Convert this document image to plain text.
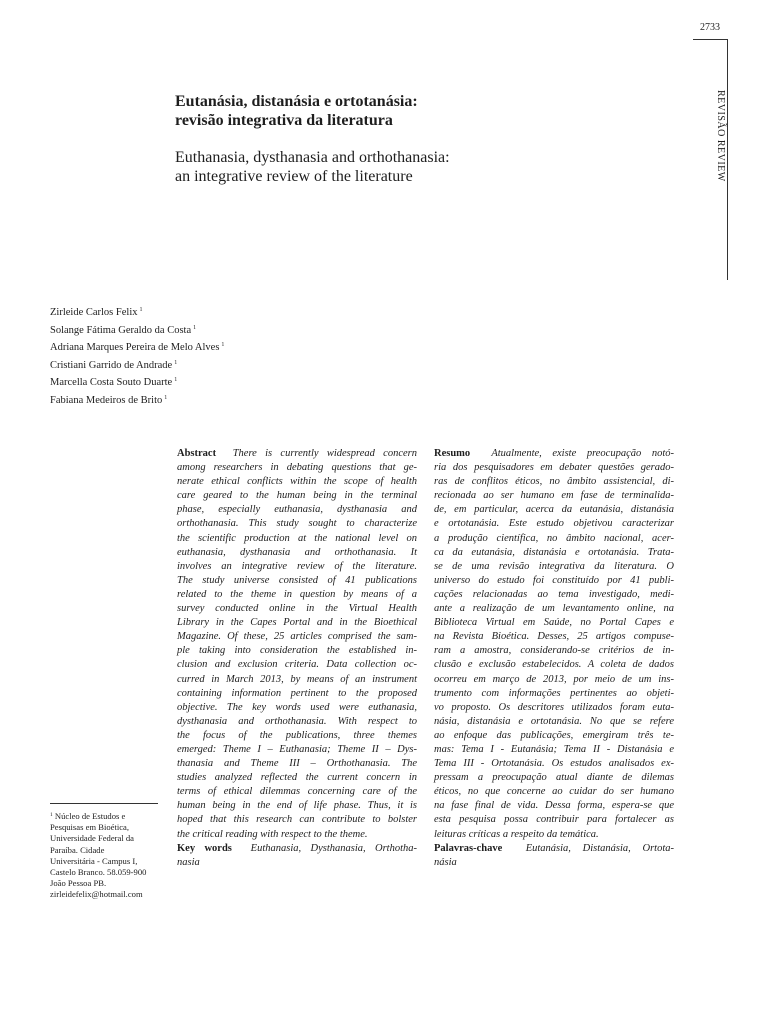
2733
REVISÃO REVIEW
Eutanásia, distanásia e ortotanásia:
revisão integrativa da literatura
Euthanasia, dysthanasia and orthothanasia:
an integrative review of the literature
Zirleide Carlos Felix $^1$
Solange Fátima Geraldo da Costa $^1$
Adriana Marques Pereira de Melo Alves $^1$
Cristiani Garrido de Andrade $^1$
Marcella Costa Souto Duarte $^1$
Fabiana Medeiros de Brito $^1$
$^1$ Núcleo de Estudos e
Pesquisas em Bioética,
Universidade Federal da
Paraíba. Cidade
Universitária - Campus I,
Castelo Branco. 58.059-900
João Pessoa PB.
zirleidefelix@hotmail.com
Abstract There is currently widespread concern
among researchers in debating questions that ge-
nerate ethical conflicts within the scope of health
care geared to the human being in the terminal
phase, especially euthanasia, dysthanasia and
orthothanasia. This study sought to characterize
the scientific production at the national level on
euthanasia, dysthanasia and orthothanasia. It
involves an integrative review of the literature.
The study universe consisted of 41 publications
related to the theme in question by means of a
survey conducted online in the Virtual Health
Library in the Capes Portal and in the Bioethical
Magazine. Of these, 25 articles comprised the sam-
ple taking into consideration the established in-
clusion and exclusion criteria. Data collection oc-
curred in March 2013, by means of an instrument
containing information pertinent to the proposed
objective. The key words used were euthanasia,
dysthanasia and orthothanasia. With respect to
the focus of the publications, three themes
emerged: Theme I – Euthanasia; Theme II – Dys-
thanasia and Theme III – Orthothanasia. The
studies analyzed reflected the current concern in
terms of ethical dilemmas concerning care of the
human being in the end of life phase. Thus, it is
hoped that this research can contribute to bolster
the critical reading with respect to the theme.
Key words Euthanasia, Dysthanasia, Orthotha-
nasia
Resumo Atualmente, existe preocupação notó-
ria dos pesquisadores em debater questões gerado-
ras de conflitos éticos, no âmbito assistencial, di-
recionada ao ser humano em fase de terminalida-
de, em particular, acerca da eutanásia, distanásia
e ortotanásia. Este estudo objetivou caracterizar
a produção científica, no âmbito nacional, acer-
ca da eutanásia, distanásia e ortotanásia. Trata-
se de uma revisão integrativa da literatura. O
universo do estudo foi constituído por 41 publi-
cações relacionadas ao tema investigado, medi-
ante a realização de um levantamento online, na
Biblioteca Virtual em Saúde, no Portal Capes e
na Revista Bioética. Desses, 25 artigos compuse-
ram a amostra, considerando-se critérios de in-
clusão e exclusão estabelecidos. A coleta de dados
ocorreu em março de 2013, por meio de um ins-
trumento com informações pertinentes ao objeti-
vo proposto. Os descritores utilizados foram euta-
násia, distanásia e ortotanásia. No que se refere
ao enfoque das publicações, emergiram três te-
mas: Tema I - Eutanásia; Tema II - Distanásia e
Tema III - Ortotanásia. Os estudos analisados ex-
pressam a preocupação atual diante de dilemas
éticos, no que concerne ao cuidar do ser humano
na fase final de vida. Dessa forma, espera-se que
esta pesquisa possa contribuir para fortalecer as
leituras críticas a respeito da temática.
Palavras-chave Eutanásia, Distanásia, Ortota-
násia
